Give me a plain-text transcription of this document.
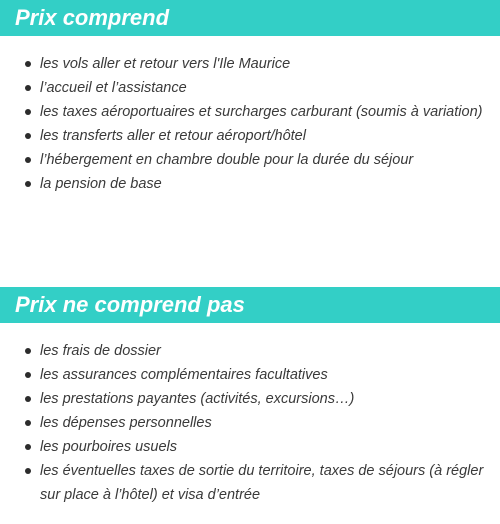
Prix comprend
les vols aller et retour vers l'Ile Maurice
l’accueil et l’assistance
les taxes aéroportuaires et surcharges carburant (soumis à variation)
les transferts aller et retour aéroport/hôtel
l’hébergement en chambre double pour la durée du séjour
la pension de base
Prix ne comprend pas
les frais de dossier
les assurances complémentaires facultatives
les prestations payantes (activités, excursions…)
les dépenses personnelles
les pourboires usuels
les éventuelles taxes de sortie du territoire, taxes de séjours (à régler sur place à l’hôtel) et visa d’entrée
